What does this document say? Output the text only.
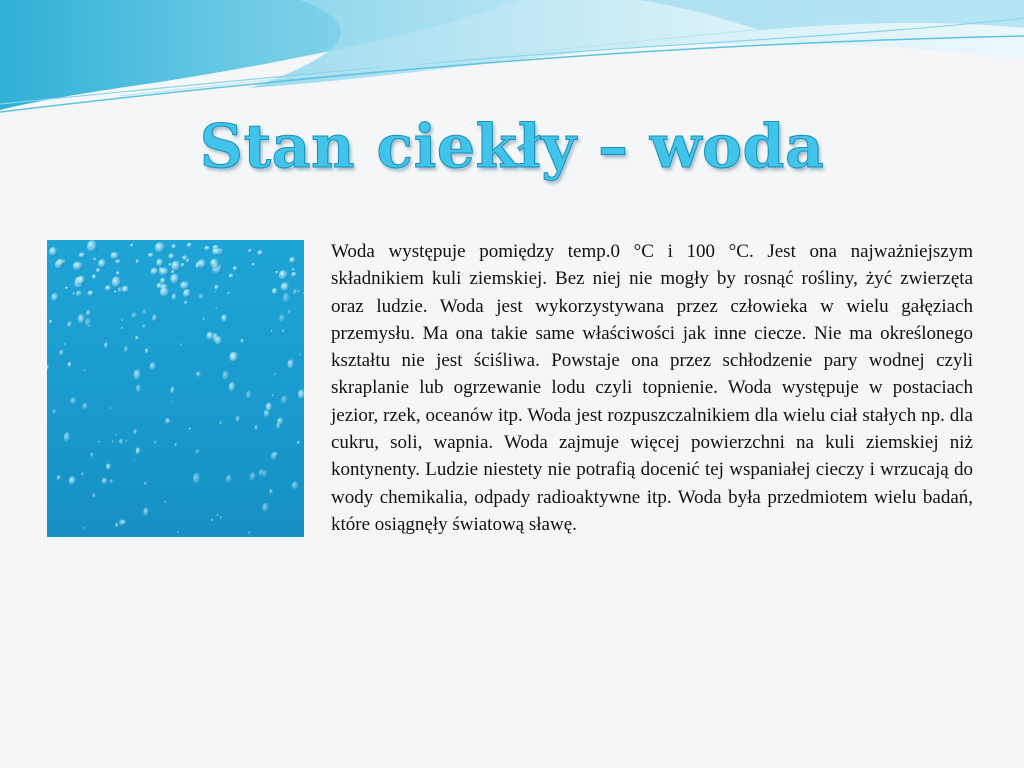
Stan ciekły – woda

Woda występuje pomiędzy temp.0 °C i 100 °C. Jest ona najważniejszym składnikiem kuli ziemskiej. Bez niej nie mogły by rosnąć rośliny, żyć zwierzęta oraz ludzie. Woda jest wykorzystywana przez człowieka w wielu gałęziach przemysłu. Ma ona takie same właściwości jak inne ciecze. Nie ma określonego kształtu nie jest ściśliwa. Powstaje ona przez schłodzenie pary wodnej czyli skraplanie lub ogrzewanie lodu czyli topnienie. Woda występuje w postaciach jezior, rzek, oceanów itp. Woda jest rozpuszczalnikiem dla wielu ciał stałych np. dla cukru, soli, wapnia. Woda zajmuje więcej powierzchni na kuli ziemskiej niż kontynenty. Ludzie niestety nie potrafią docenić tej wspaniałej cieczy i wrzucają do wody chemikalia, odpady radioaktywne itp. Woda była przedmiotem wielu badań, które osiągnęły światową sławę.
